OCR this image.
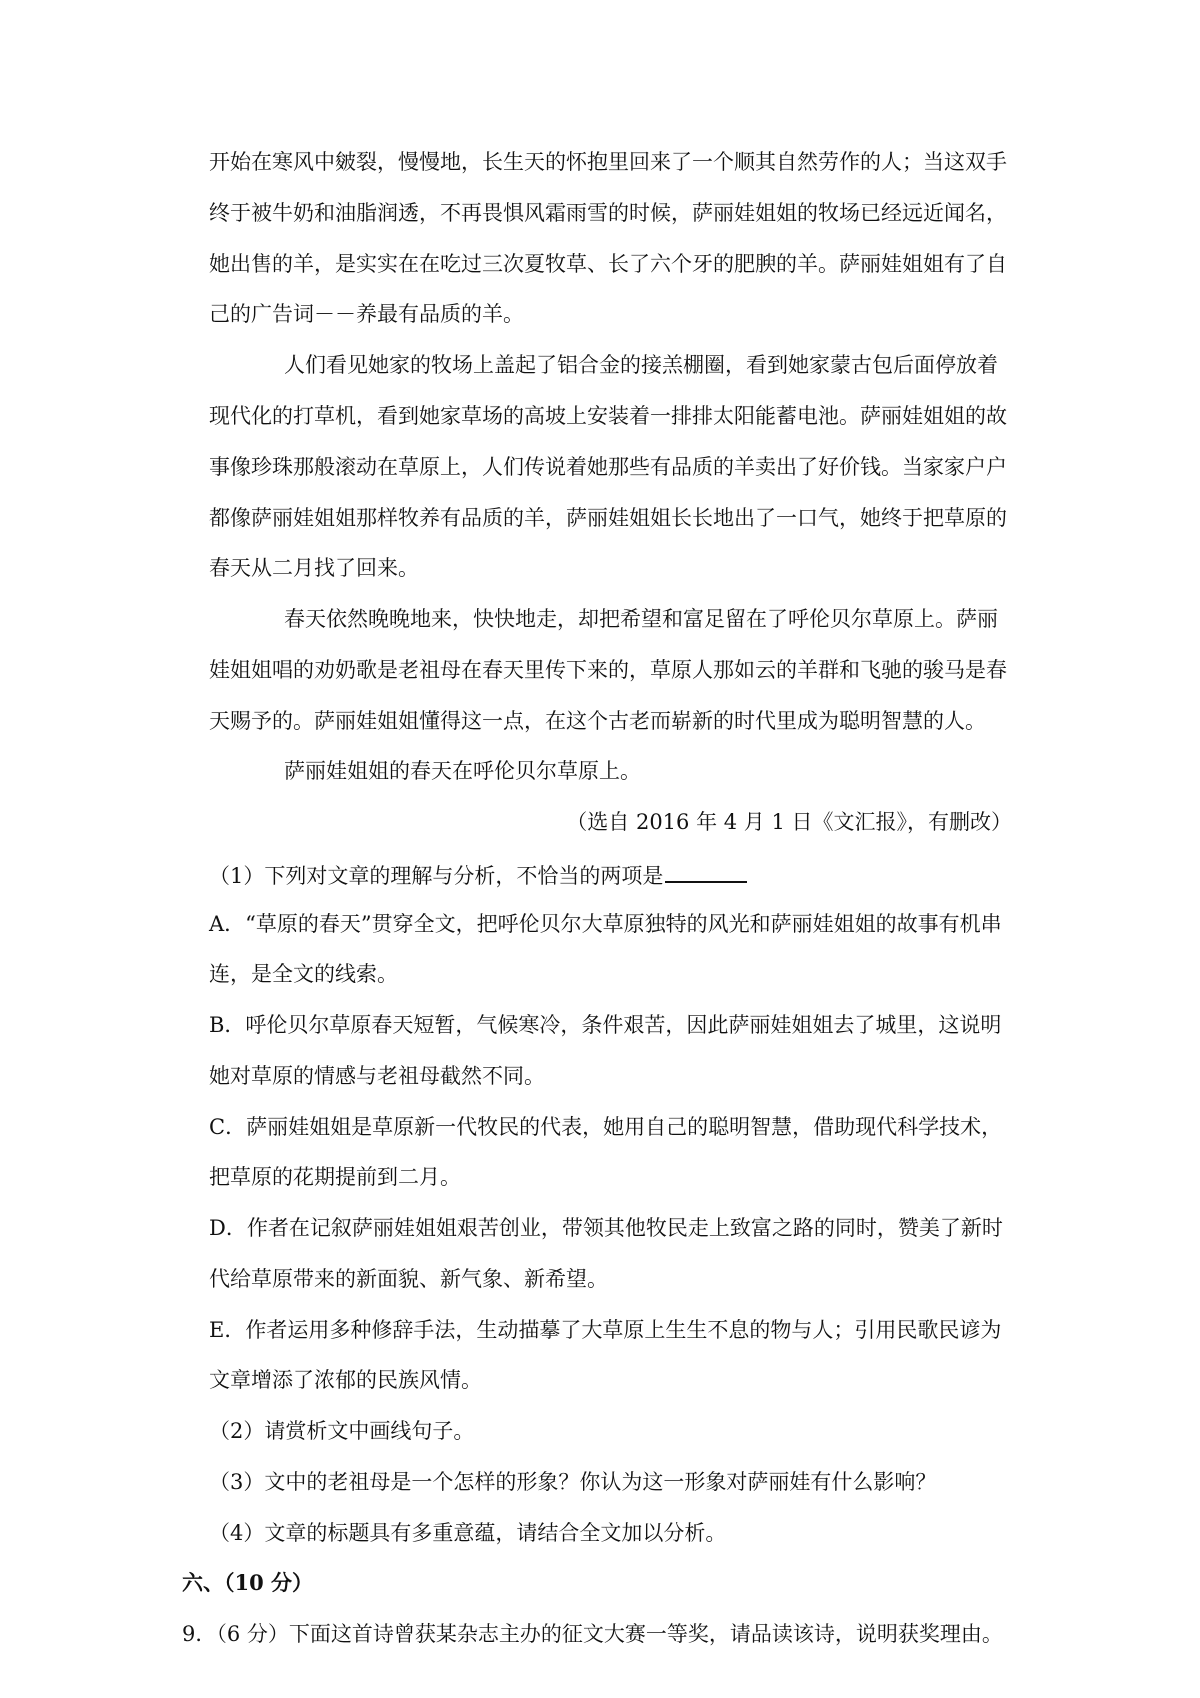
开始在寒风中皴裂，慢慢地，长生天的怀抱里回来了一个顺其自然劳作的人；当这双手
终于被牛奶和油脂润透，不再畏惧风霜雨雪的时候，萨丽娃姐姐的牧场已经远近闻名，
她出售的羊，是实实在在吃过三次夏牧草、长了六个牙的肥腴的羊。萨丽娃姐姐有了自
己的广告词－－养最有品质的羊。
人们看见她家的牧场上盖起了铝合金的接羔棚圈，看到她家蒙古包后面停放着
现代化的打草机，看到她家草场的高坡上安装着一排排太阳能蓄电池。萨丽娃姐姐的故
事像珍珠那般滚动在草原上，人们传说着她那些有品质的羊卖出了好价钱。当家家户户
都像萨丽娃姐姐那样牧养有品质的羊，萨丽娃姐姐长长地出了一口气，她终于把草原的
春天从二月找了回来。
春天依然晚晚地来，快快地走，却把希望和富足留在了呼伦贝尔草原上。萨丽
娃姐姐唱的劝奶歌是老祖母在春天里传下来的，草原人那如云的羊群和飞驰的骏马是春
天赐予的。萨丽娃姐姐懂得这一点，在这个古老而崭新的时代里成为聪明智慧的人。
萨丽娃姐姐的春天在呼伦贝尔草原上。
（选自 2016 年 4 月 1 日《文汇报》，有删改）
（1）下列对文章的理解与分析，不恰当的两项是
A．“草原的春天”贯穿全文，把呼伦贝尔大草原独特的风光和萨丽娃姐姐的故事有机串
连，是全文的线索。
B．呼伦贝尔草原春天短暂，气候寒冷，条件艰苦，因此萨丽娃姐姐去了城里，这说明
她对草原的情感与老祖母截然不同。
C．萨丽娃姐姐是草原新一代牧民的代表，她用自己的聪明智慧，借助现代科学技术，
把草原的花期提前到二月。
D．作者在记叙萨丽娃姐姐艰苦创业，带领其他牧民走上致富之路的同时，赞美了新时
代给草原带来的新面貌、新气象、新希望。
E．作者运用多种修辞手法，生动描摹了大草原上生生不息的物与人；引用民歌民谚为
文章增添了浓郁的民族风情。
（2）请赏析文中画线句子。
（3）文中的老祖母是一个怎样的形象？你认为这一形象对萨丽娃有什么影响？
（4）文章的标题具有多重意蕴，请结合全文加以分析。
六、（10 分）
9．（6 分）下面这首诗曾获某杂志主办的征文大赛一等奖，请品读该诗，说明获奖理由。
